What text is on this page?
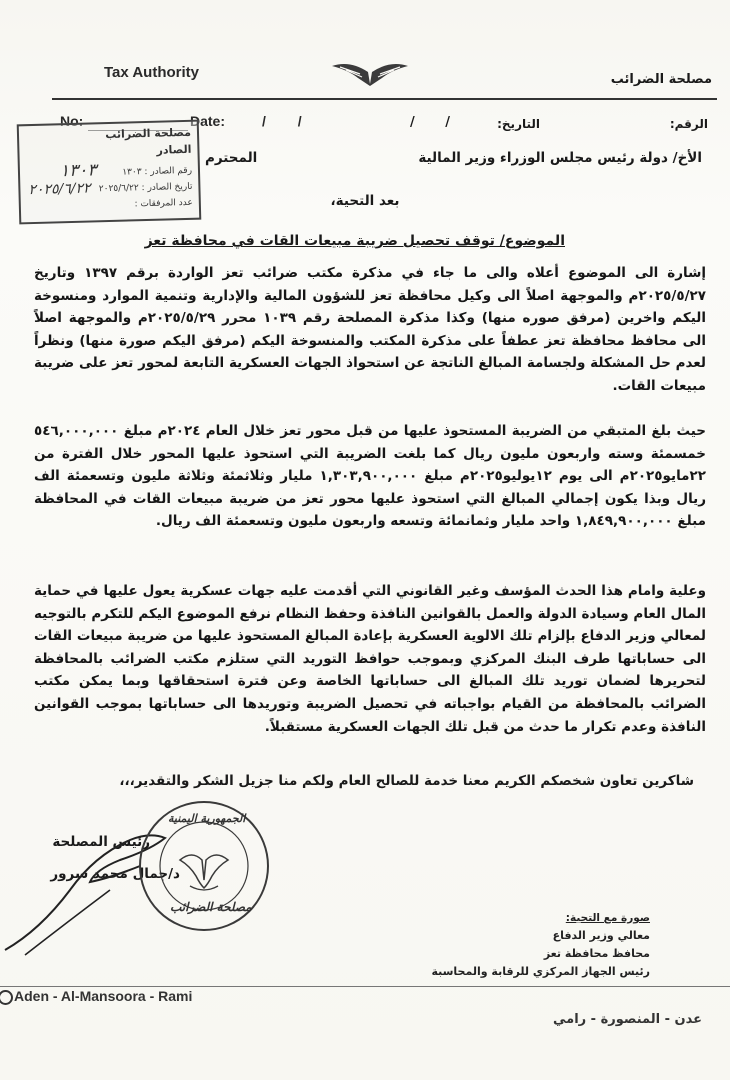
Tax Authority	مصلحة الضرائب
No:	Date:	/ /	الرقم:
التاريخ:
/ /
مصلحة الضرائب
الصادر
رقم الصادر : ١٣٠٣
تاريخ الصادر : ٢٠٢٥/٦/٢٢
عدد المرفقات :
١٣٠٣
٢٠٢٥/٦/٢٢
الأخ/ دولة رئيس مجلس الوزراء وزير المالية
المحترم
بعد التحية،
الموضوع/ توقف تحصيل ضريبة مبيعات القات في محافظة تعز
إشارة الى الموضوع أعلاه والى ما جاء في مذكرة مكتب ضرائب تعز الواردة برقم ١٣٩٧ وتاريخ ٢٠٢٥/٥/٢٧م والموجهة اصلاً الى وكيل محافظة تعز للشؤون المالية والإدارية وتنمية الموارد ومنسوخة اليكم واخرين (مرفق صوره منها) وكذا مذكرة المصلحة رقم ١٠٣٩ محرر ٢٠٢٥/٥/٢٩م والموجهة اصلاً الى محافظ محافظة تعز عطفاً على مذكرة المكتب والمنسوخة اليكم (مرفق اليكم صورة منها) ونظراً لعدم حل المشكلة ولجسامة المبالغ الناتجة عن استحواذ الجهات العسكرية التابعة لمحور تعز على ضريبة مبيعات القات.
حيث بلغ المتبقي من الضريبة المستحوذ عليها من قبل محور تعز خلال العام ٢٠٢٤م مبلغ ٥٤٦,٠٠٠,٠٠٠ خمسمئة وسته واربعون مليون ريال كما بلغت الضريبة التي استحوذ عليها المحور خلال الفترة من ٢٢مايو٢٠٢٥م الى يوم ١٢يوليو٢٠٢٥م مبلغ ١,٣٠٣,٩٠٠,٠٠٠ مليار وثلاثمئة وثلاثة مليون وتسعمئة الف ريال وبذا يكون إجمالي المبالغ التي استحوذ عليها محور تعز من ضريبة مبيعات القات في المحافظة مبلغ ١,٨٤٩,٩٠٠,٠٠٠ واحد مليار وثمانمائة وتسعه واربعون مليون وتسعمئة الف ريال.
وعلية وامام هذا الحدث المؤسف وغير القانوني التي أقدمت عليه جهات عسكرية يعول عليها في حماية المال العام وسيادة الدولة والعمل بالقوانين النافذة وحفظ النظام نرفع الموضوع اليكم للتكرم بالتوجيه لمعالي وزير الدفاع بإلزام تلك الالوية العسكرية بإعادة المبالغ المستحوذ عليها من ضريبة مبيعات القات الى حساباتها طرف البنك المركزي وبموجب حوافظ التوريد التي ستلزم مكتب الضرائب بالمحافظة لتحريرها لضمان توريد تلك المبالغ الى حساباتها الخاصة وعن فترة استحقاقها وبما يمكن مكتب الضرائب بالمحافظة من القيام بواجباته في تحصيل الضريبة وتوريدها الى حساباتها بموجب القوانين النافذة وعدم تكرار ما حدث من قبل تلك الجهات العسكرية مستقبلاً.
شاكرين تعاون شخصكم الكريم معنا خدمة للصالح العام ولكم منا جزيل الشكر والتقدير،،،
رئيس المصلحة
د/جمال محمد سرور
الجمهورية اليمنية
مصلحة الضرائب
صورة مع التحية:
معالي وزير الدفاع
محافظ محافظة تعز
رئيس الجهاز المركزي للرقابة والمحاسبة
Aden - Al-Mansoora - Rami
عدن - المنصورة - رامي
